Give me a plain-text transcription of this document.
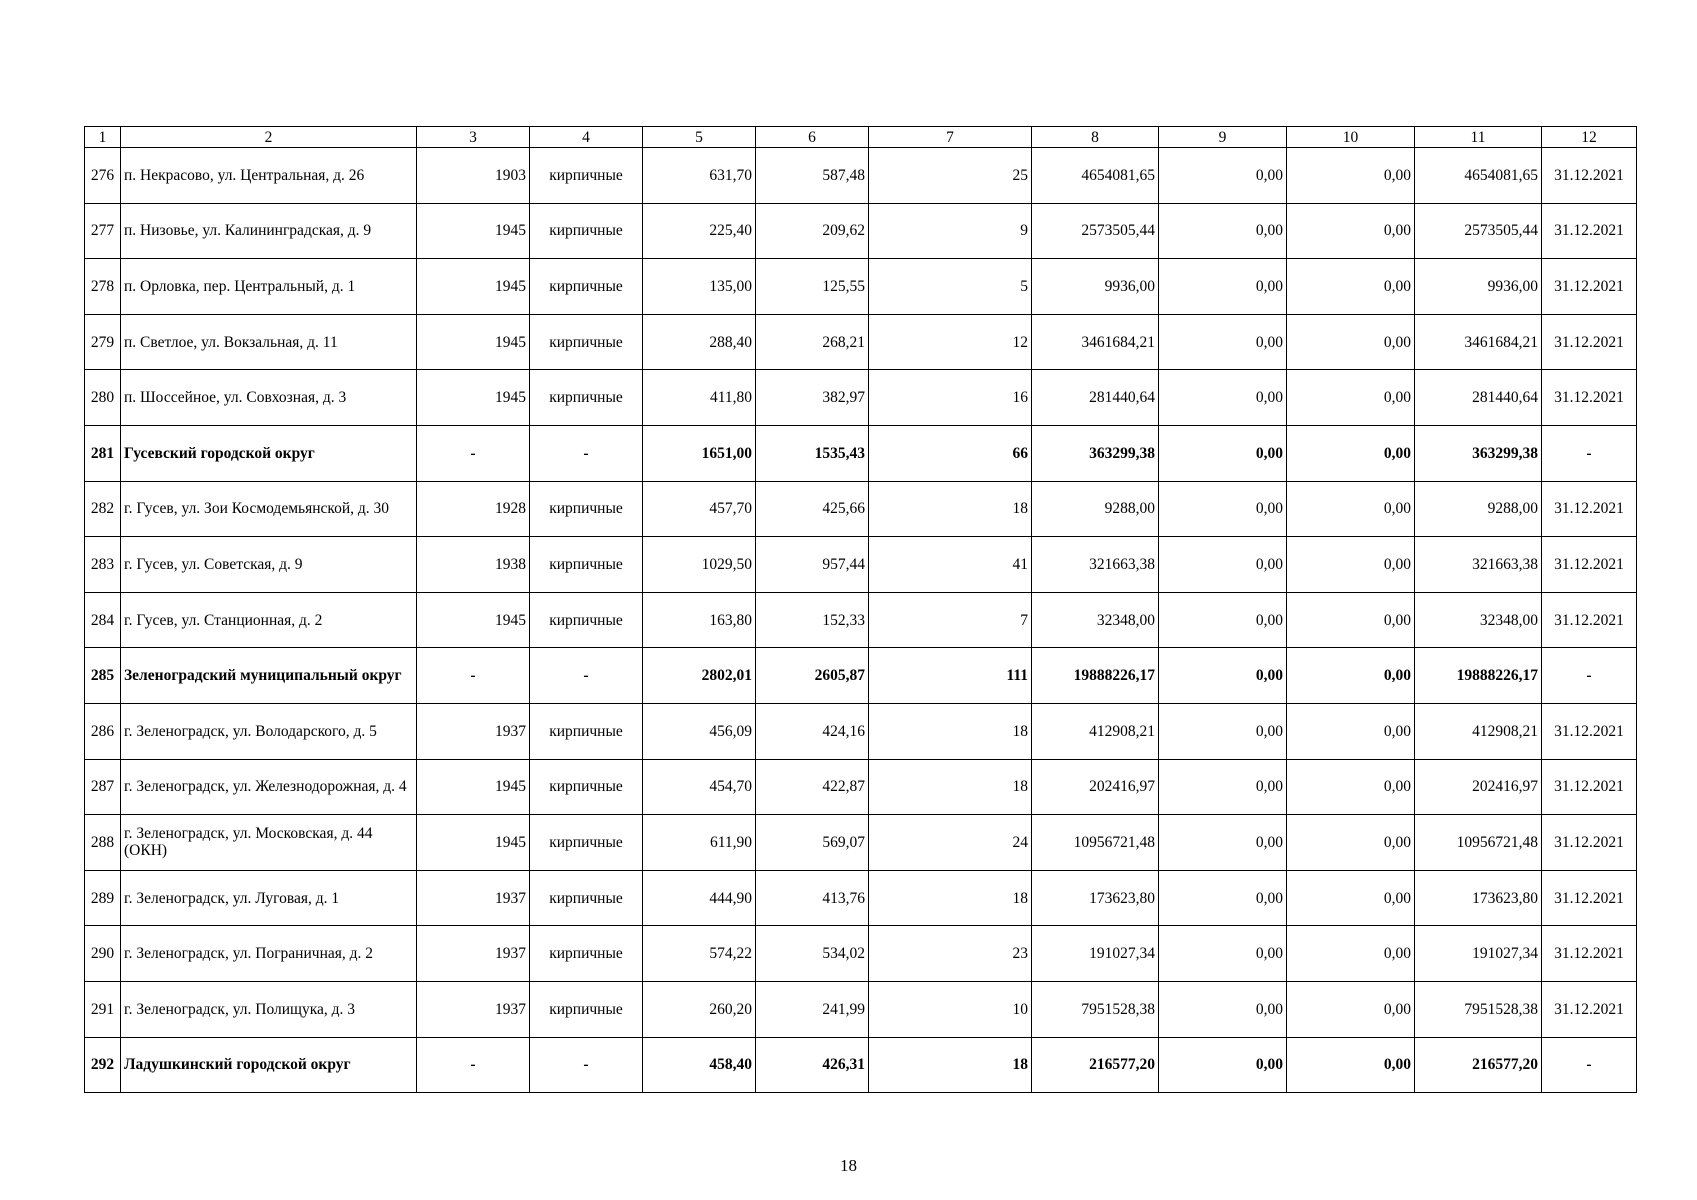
1	2	3	4	5	6	7	8	9	10	11	12
276	п. Некрасово, ул. Центральная, д. 26	1903	кирпичные	631,70	587,48	25	4654081,65	0,00	0,00	4654081,65	31.12.2021
277	п. Низовье, ул. Калининградская, д. 9	1945	кирпичные	225,40	209,62	9	2573505,44	0,00	0,00	2573505,44	31.12.2021
278	п. Орловка, пер. Центральный, д. 1	1945	кирпичные	135,00	125,55	5	9936,00	0,00	0,00	9936,00	31.12.2021
279	п. Светлое, ул. Вокзальная, д. 11	1945	кирпичные	288,40	268,21	12	3461684,21	0,00	0,00	3461684,21	31.12.2021
280	п. Шоссейное, ул. Совхозная, д. 3	1945	кирпичные	411,80	382,97	16	281440,64	0,00	0,00	281440,64	31.12.2021
281	Гусевский городской округ	-	-	1651,00	1535,43	66	363299,38	0,00	0,00	363299,38	-
282	г. Гусев, ул. Зои Космодемьянской, д. 30	1928	кирпичные	457,70	425,66	18	9288,00	0,00	0,00	9288,00	31.12.2021
283	г. Гусев, ул. Советская, д. 9	1938	кирпичные	1029,50	957,44	41	321663,38	0,00	0,00	321663,38	31.12.2021
284	г. Гусев, ул. Станционная, д. 2	1945	кирпичные	163,80	152,33	7	32348,00	0,00	0,00	32348,00	31.12.2021
285	Зеленоградский муниципальный округ	-	-	2802,01	2605,87	111	19888226,17	0,00	0,00	19888226,17	-
286	г. Зеленоградск, ул. Володарского, д. 5	1937	кирпичные	456,09	424,16	18	412908,21	0,00	0,00	412908,21	31.12.2021
287	г. Зеленоградск, ул. Железнодорожная, д. 4	1945	кирпичные	454,70	422,87	18	202416,97	0,00	0,00	202416,97	31.12.2021
288	г. Зеленоградск, ул. Московская, д. 44 (ОКН)	1945	кирпичные	611,90	569,07	24	10956721,48	0,00	0,00	10956721,48	31.12.2021
289	г. Зеленоградск, ул. Луговая, д. 1	1937	кирпичные	444,90	413,76	18	173623,80	0,00	0,00	173623,80	31.12.2021
290	г. Зеленоградск, ул. Пограничная, д. 2	1937	кирпичные	574,22	534,02	23	191027,34	0,00	0,00	191027,34	31.12.2021
291	г. Зеленоградск, ул. Полищука, д. 3	1937	кирпичные	260,20	241,99	10	7951528,38	0,00	0,00	7951528,38	31.12.2021
292	Ладушкинский городской округ	-	-	458,40	426,31	18	216577,20	0,00	0,00	216577,20	-
18
